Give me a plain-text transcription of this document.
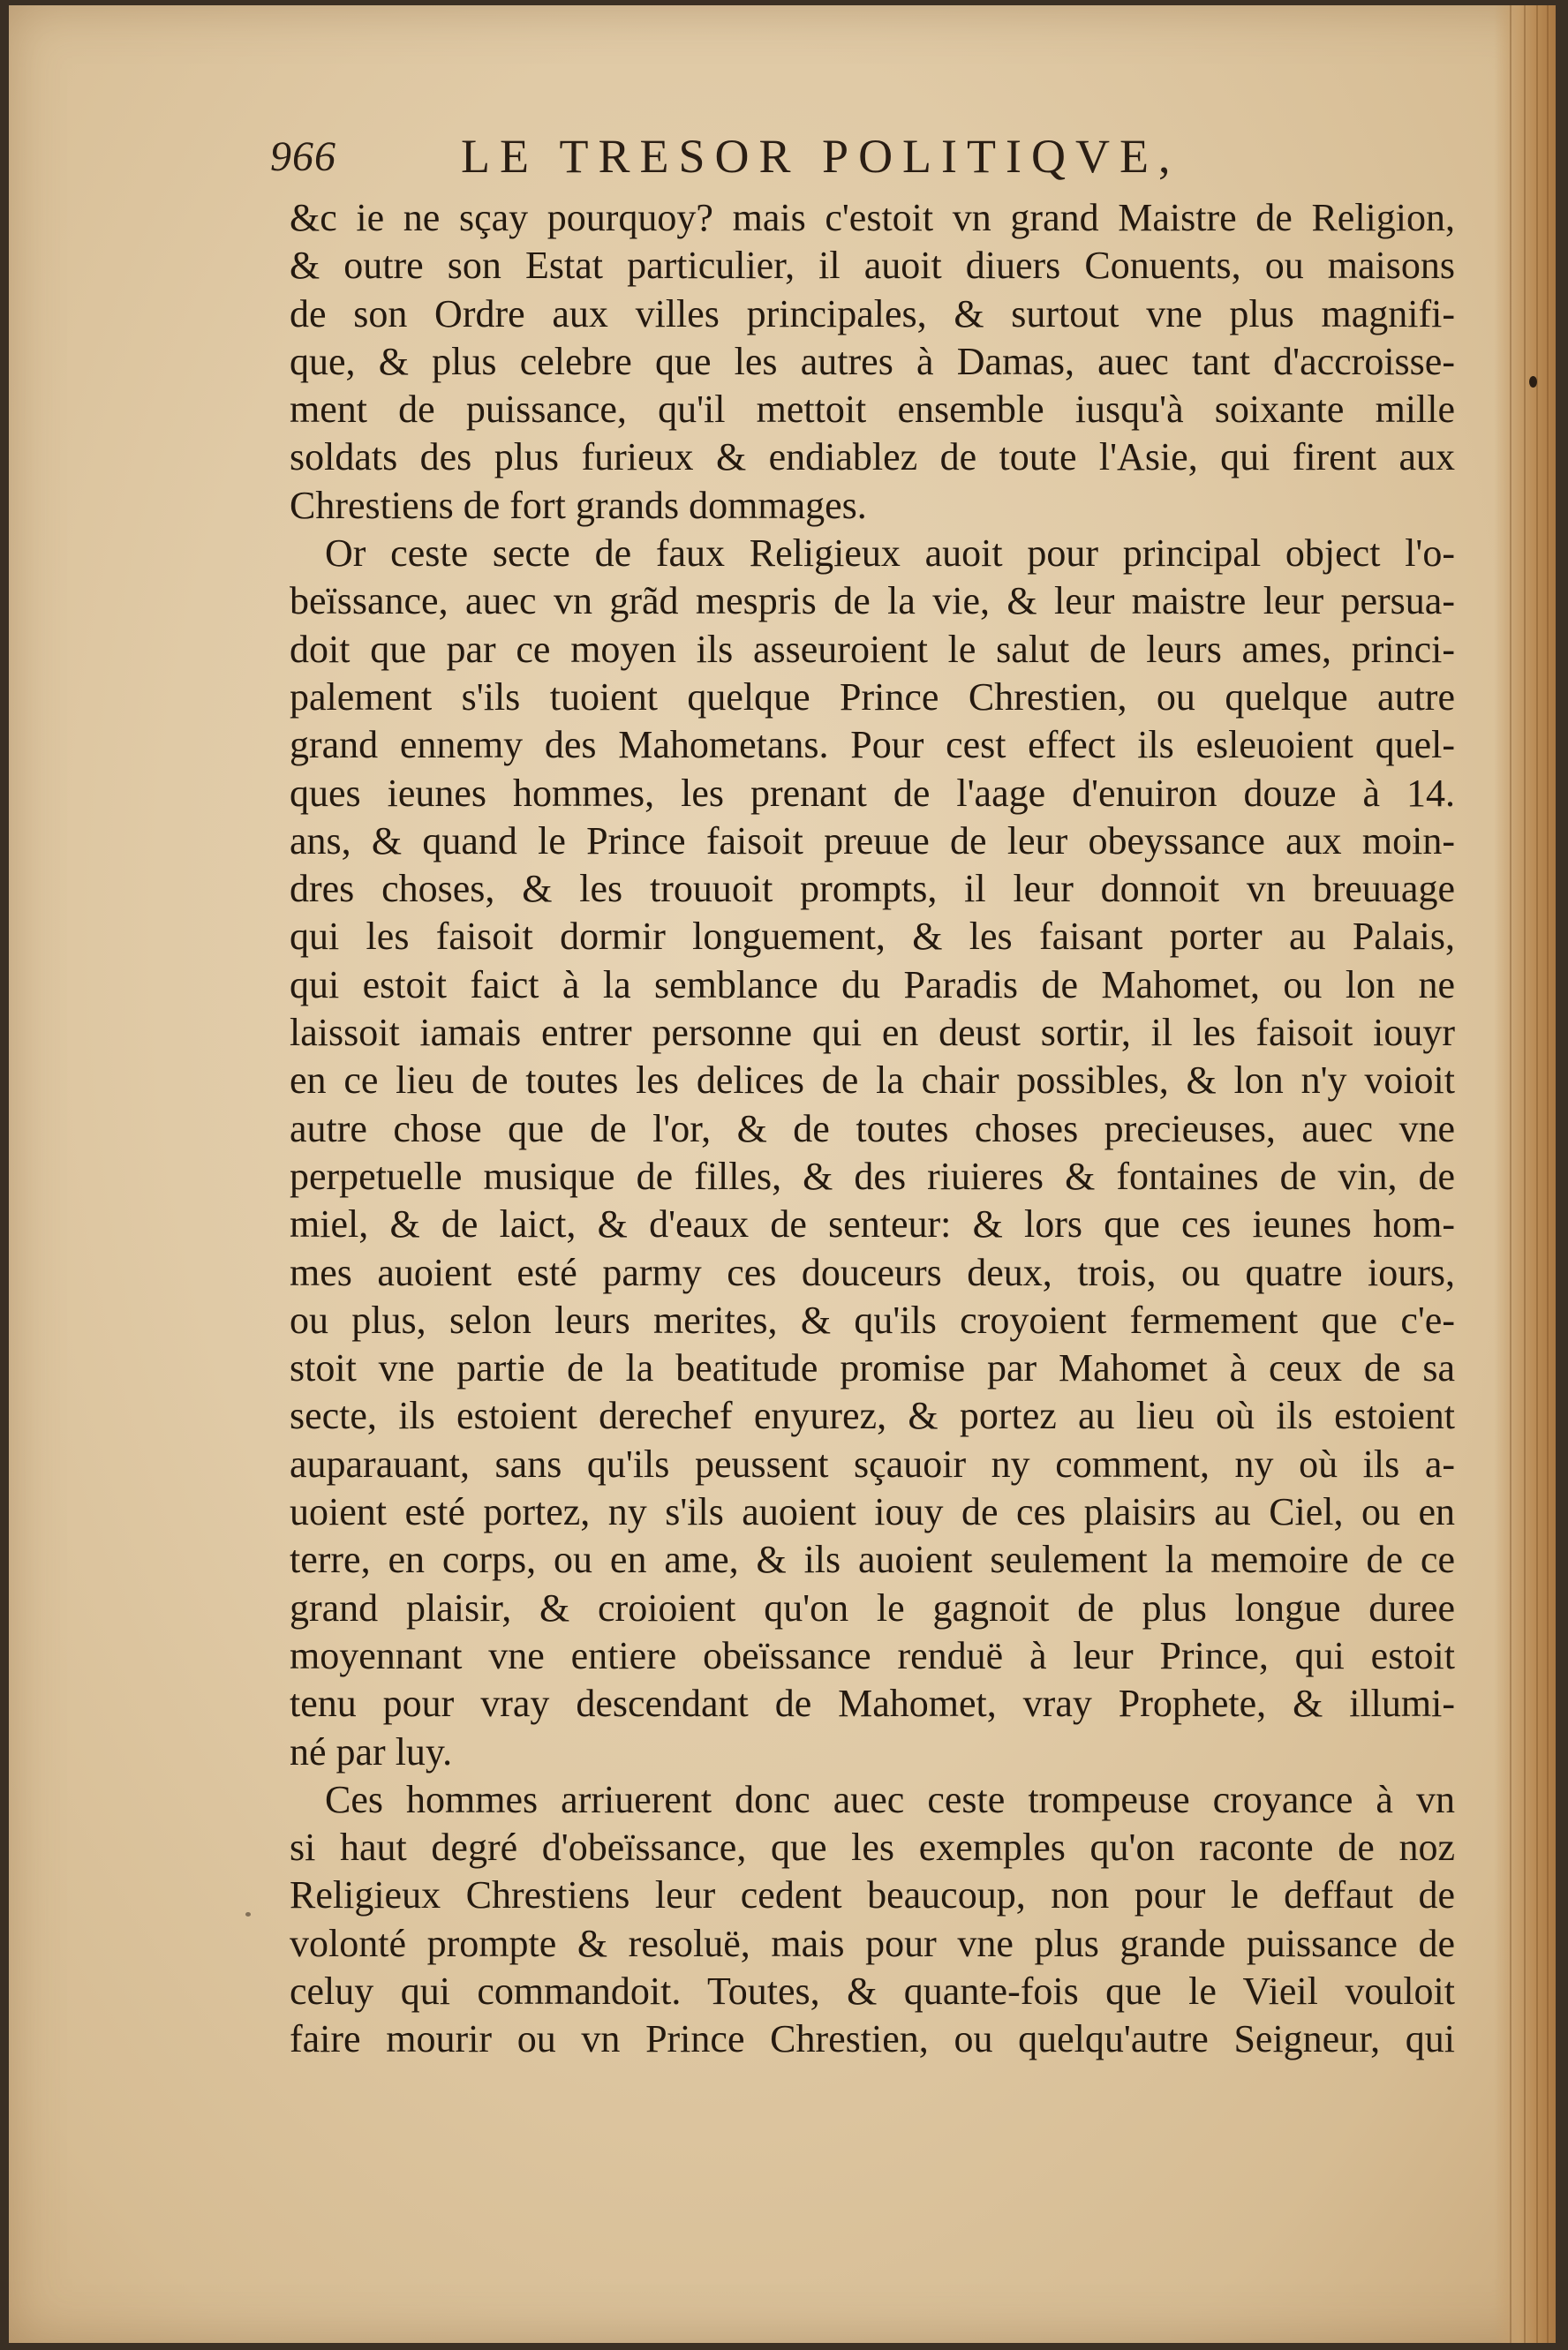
966	LE TRESOR POLITIQVE,
&c ie ne sçay pourquoy? mais c'estoit vn grand Maistre de Religion,
& outre son Estat particulier, il auoit diuers Conuents, ou maisons
de son Ordre aux villes principales, & surtout vne plus magnifi-
que, & plus celebre que les autres à Damas, auec tant d'accroisse-
ment de puissance, qu'il mettoit ensemble iusqu'à soixante mille
soldats des plus furieux & endiablez de toute l'Asie, qui firent aux
Chrestiens de fort grands dommages.
Or ceste secte de faux Religieux auoit pour principal object l'o-
beïssance, auec vn grãd mespris de la vie, & leur maistre leur persua-
doit que par ce moyen ils asseuroient le salut de leurs ames, princi-
palement s'ils tuoient quelque Prince Chrestien, ou quelque autre
grand ennemy des Mahometans. Pour cest effect ils esleuoient quel-
ques ieunes hommes, les prenant de l'aage d'enuiron douze à 14.
ans, & quand le Prince faisoit preuue de leur obeyssance aux moin-
dres choses, & les trouuoit prompts, il leur donnoit vn breuuage
qui les faisoit dormir longuement, & les faisant porter au Palais,
qui estoit faict à la semblance du Paradis de Mahomet, ou lon ne
laissoit iamais entrer personne qui en deust sortir, il les faisoit iouyr
en ce lieu de toutes les delices de la chair possibles, & lon n'y voioit
autre chose que de l'or, & de toutes choses precieuses, auec vne
perpetuelle musique de filles, & des riuieres & fontaines de vin, de
miel, & de laict, & d'eaux de senteur: & lors que ces ieunes hom-
mes auoient esté parmy ces douceurs deux, trois, ou quatre iours,
ou plus, selon leurs merites, & qu'ils croyoient fermement que c'e-
stoit vne partie de la beatitude promise par Mahomet à ceux de sa
secte, ils estoient derechef enyurez, & portez au lieu où ils estoient
auparauant, sans qu'ils peussent sçauoir ny comment, ny où ils a-
uoient esté portez, ny s'ils auoient iouy de ces plaisirs au Ciel, ou en
terre, en corps, ou en ame, & ils auoient seulement la memoire de ce
grand plaisir, & croioient qu'on le gagnoit de plus longue duree
moyennant vne entiere obeïssance renduë à leur Prince, qui estoit
tenu pour vray descendant de Mahomet, vray Prophete, & illumi-
né par luy.
Ces hommes arriuerent donc auec ceste trompeuse croyance à vn
si haut degré d'obeïssance, que les exemples qu'on raconte de noz
Religieux Chrestiens leur cedent beaucoup, non pour le deffaut de
volonté prompte & resoluë, mais pour vne plus grande puissance de
celuy qui commandoit. Toutes, & quante-fois que le Vieil vouloit
faire mourir ou vn Prince Chrestien, ou quelqu'autre Seigneur, qui
